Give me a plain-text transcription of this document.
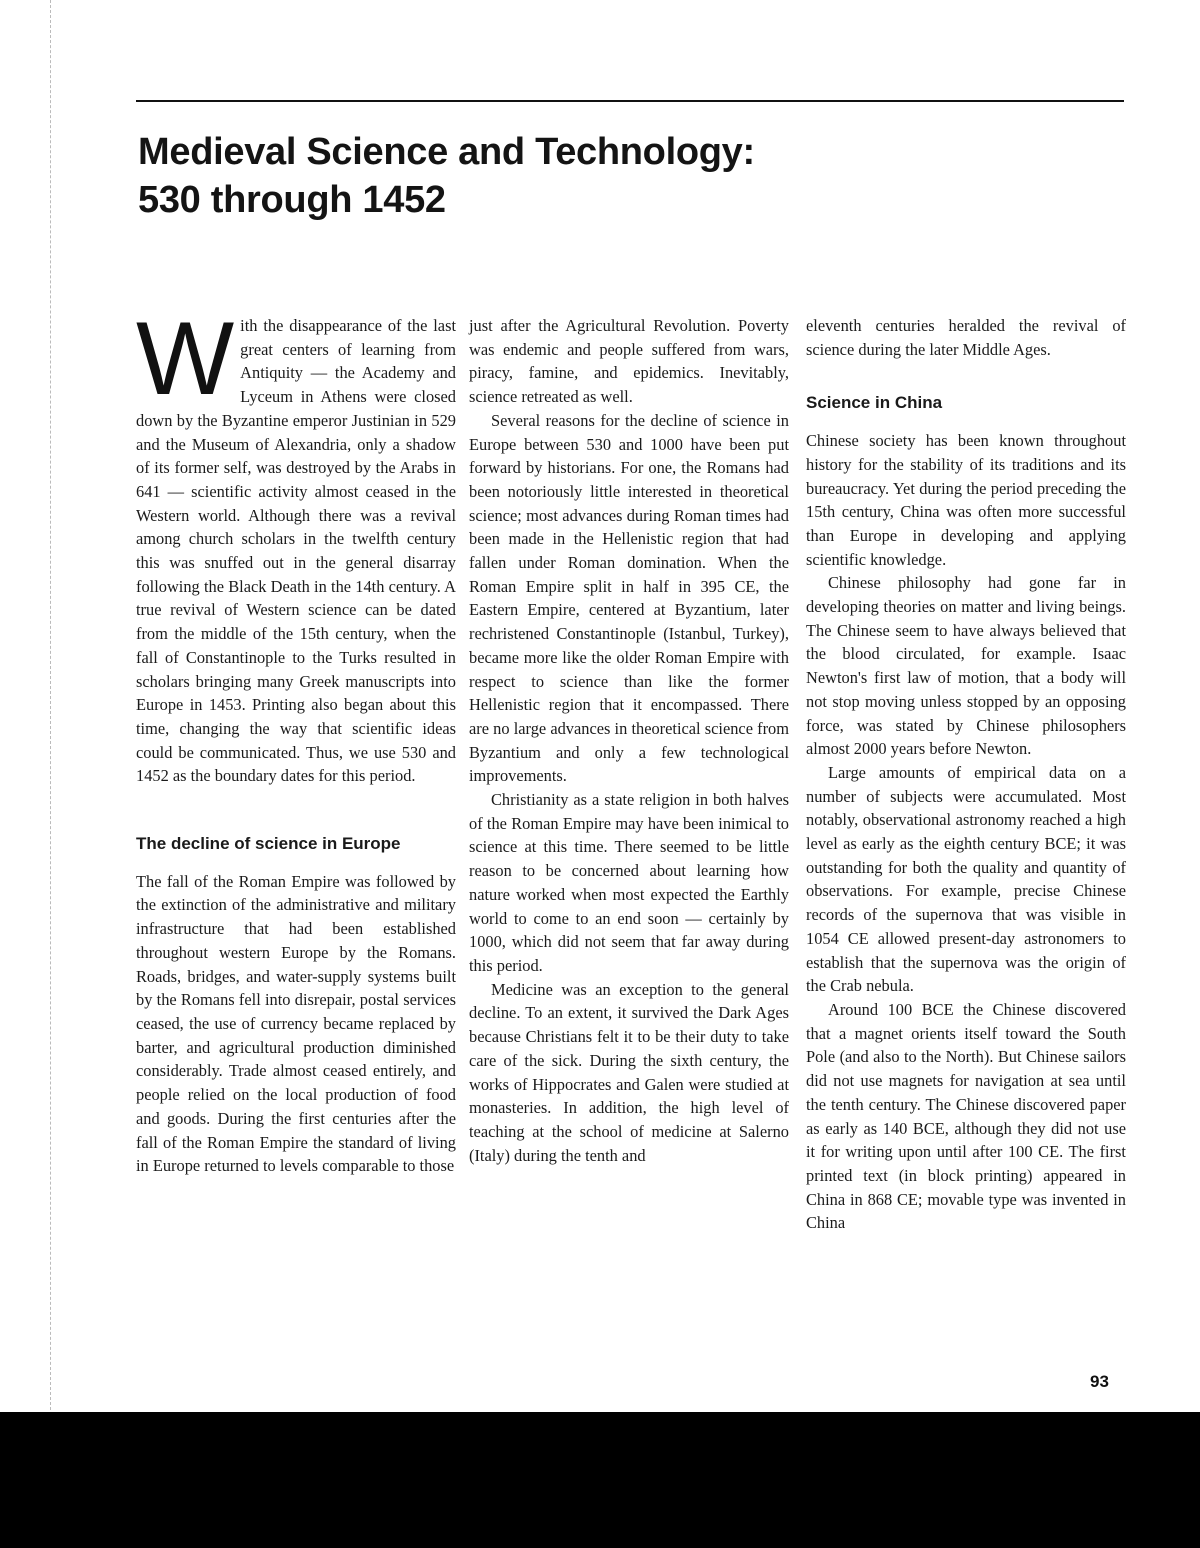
Medieval Science and Technology:
530 through 1452

With the disappearance of the last great centers of learning from Antiquity — the Academy and Lyceum in Athens were closed down by the Byzantine emperor Justinian in 529 and the Museum of Alexandria, only a shadow of its former self, was destroyed by the Arabs in 641 — scientific activity almost ceased in the Western world. Although there was a revival among church scholars in the twelfth century this was snuffed out in the general disarray following the Black Death in the 14th century. A true revival of Western science can be dated from the middle of the 15th century, when the fall of Constantinople to the Turks resulted in scholars bringing many Greek manuscripts into Europe in 1453. Printing also began about this time, changing the way that scientific ideas could be communicated. Thus, we use 530 and 1452 as the boundary dates for this period.

The decline of science in Europe

The fall of the Roman Empire was followed by the extinction of the administrative and military infrastructure that had been established throughout western Europe by the Romans. Roads, bridges, and water-supply systems built by the Romans fell into disrepair, postal services ceased, the use of currency became replaced by barter, and agricultural production diminished considerably. Trade almost ceased entirely, and people relied on the local production of food and goods. During the first centuries after the fall of the Roman Empire the standard of living in Europe returned to levels comparable to those

just after the Agricultural Revolution. Poverty was endemic and people suffered from wars, piracy, famine, and epidemics. Inevitably, science retreated as well.

Several reasons for the decline of science in Europe between 530 and 1000 have been put forward by historians. For one, the Romans had been notoriously little interested in theoretical science; most advances during Roman times had been made in the Hellenistic region that had fallen under Roman domination. When the Roman Empire split in half in 395 CE, the Eastern Empire, centered at Byzantium, later rechristened Constantinople (Istanbul, Turkey), became more like the older Roman Empire with respect to science than like the former Hellenistic region that it encompassed. There are no large advances in theoretical science from Byzantium and only a few technological improvements.

Christianity as a state religion in both halves of the Roman Empire may have been inimical to science at this time. There seemed to be little reason to be concerned about learning how nature worked when most expected the Earthly world to come to an end soon — certainly by 1000, which did not seem that far away during this period.

Medicine was an exception to the general decline. To an extent, it survived the Dark Ages because Christians felt it to be their duty to take care of the sick. During the sixth century, the works of Hippocrates and Galen were studied at monasteries. In addition, the high level of teaching at the school of medicine at Salerno (Italy) during the tenth and

eleventh centuries heralded the revival of science during the later Middle Ages.

Science in China

Chinese society has been known throughout history for the stability of its traditions and its bureaucracy. Yet during the period preceding the 15th century, China was often more successful than Europe in developing and applying scientific knowledge.

Chinese philosophy had gone far in developing theories on matter and living beings. The Chinese seem to have always believed that the blood circulated, for example. Isaac Newton's first law of motion, that a body will not stop moving unless stopped by an opposing force, was stated by Chinese philosophers almost 2000 years before Newton.

Large amounts of empirical data on a number of subjects were accumulated. Most notably, observational astronomy reached a high level as early as the eighth century BCE; it was outstanding for both the quality and quantity of observations. For example, precise Chinese records of the supernova that was visible in 1054 CE allowed present-day astronomers to establish that the supernova was the origin of the Crab nebula.

Around 100 BCE the Chinese discovered that a magnet orients itself toward the South Pole (and also to the North). But Chinese sailors did not use magnets for navigation at sea until the tenth century. The Chinese discovered paper as early as 140 BCE, although they did not use it for writing upon until after 100 CE. The first printed text (in block printing) appeared in China in 868 CE; movable type was invented in China

93
